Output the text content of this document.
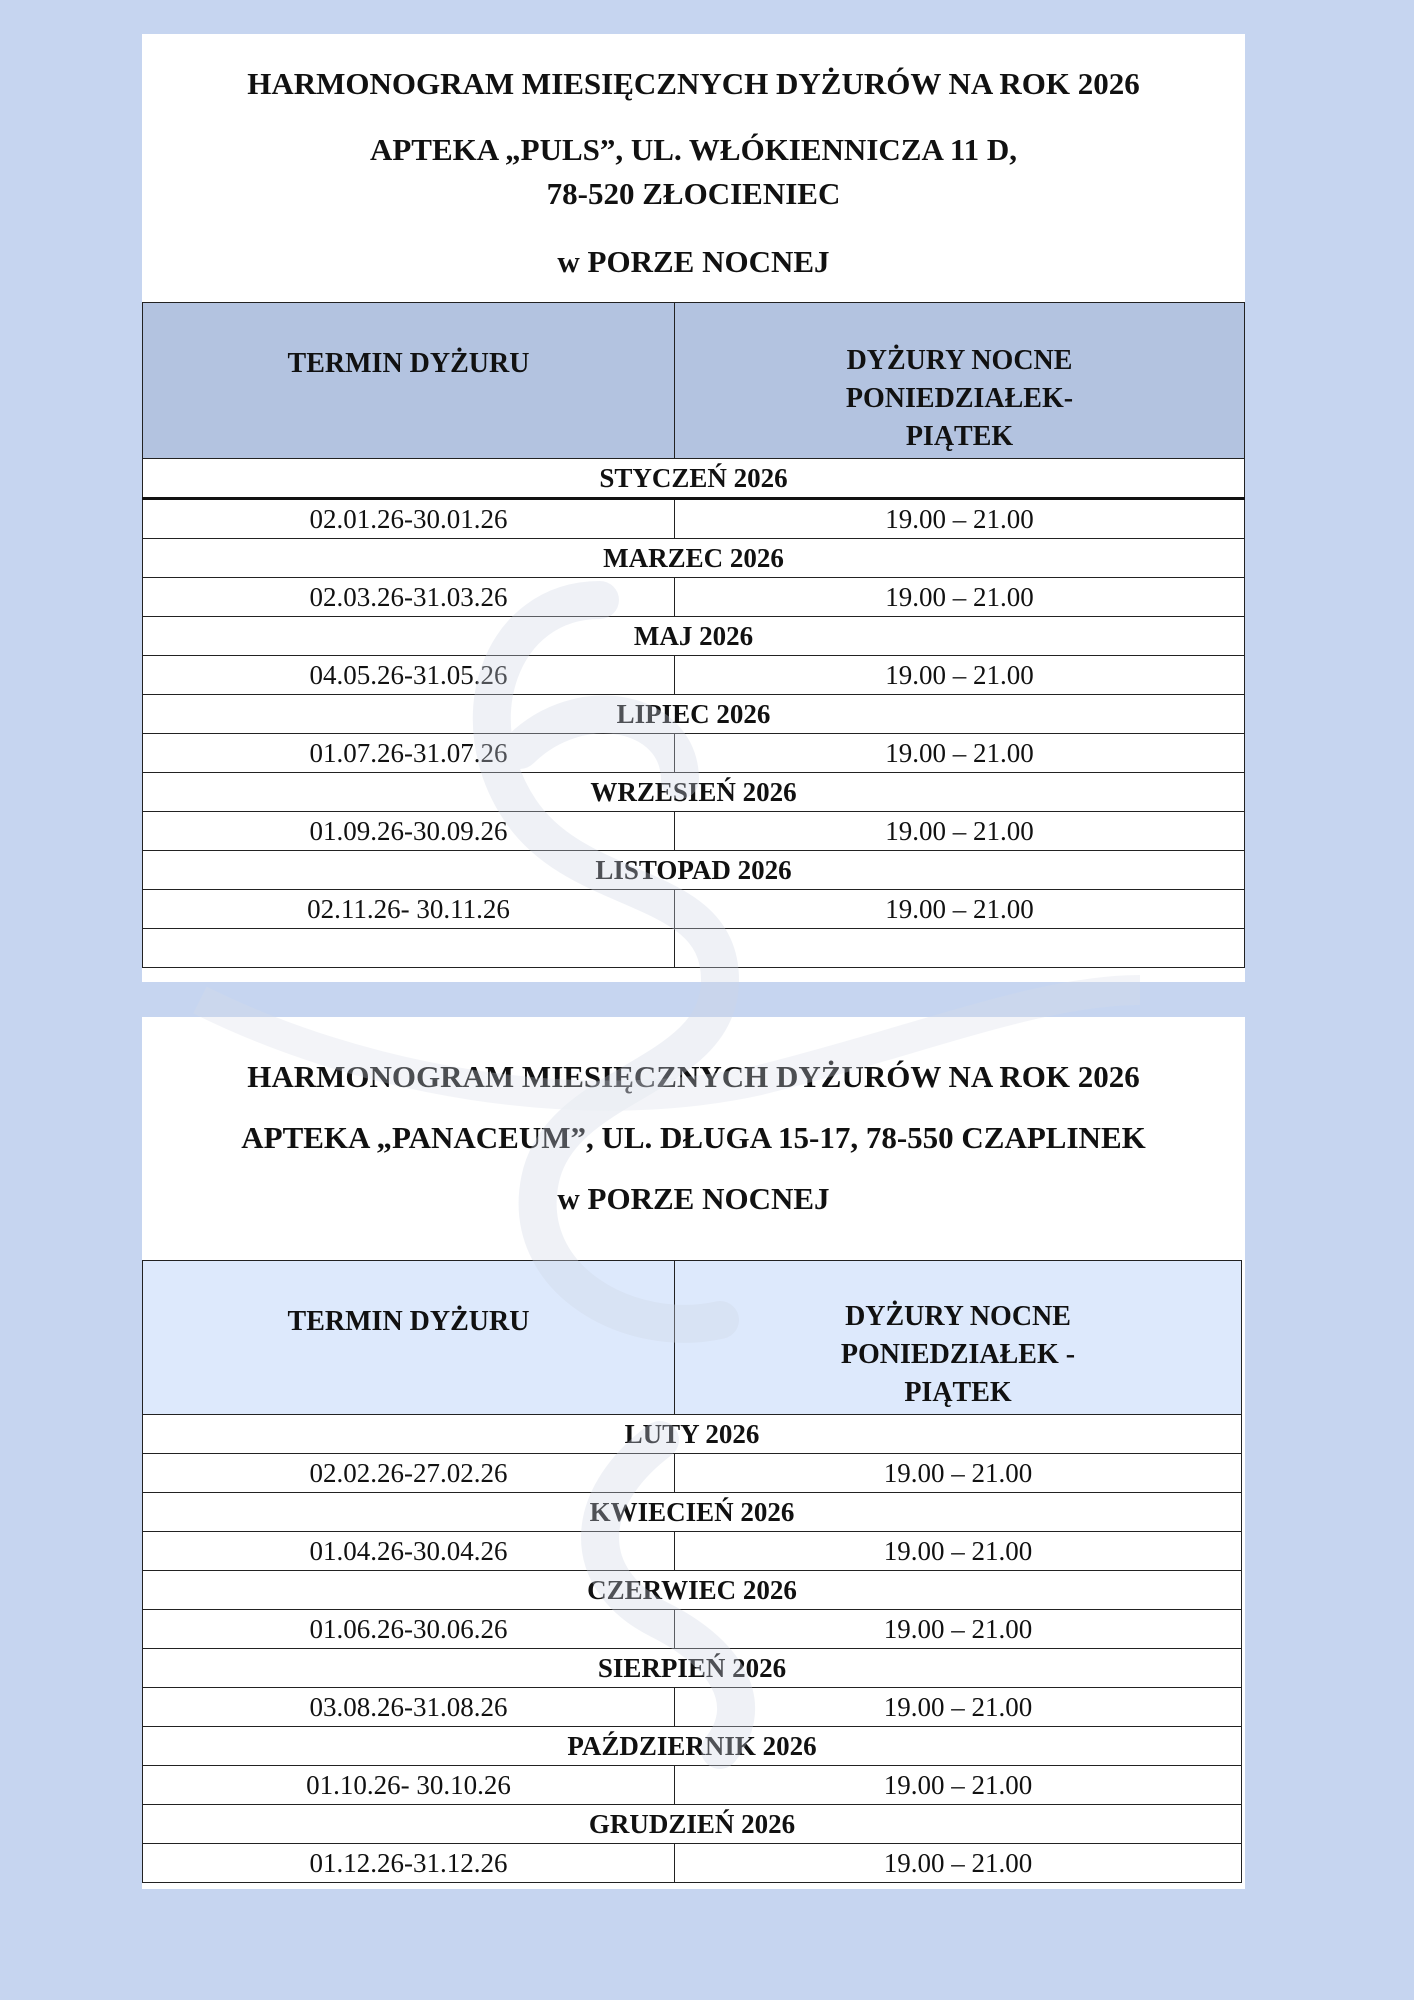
HARMONOGRAM MIESIĘCZNYCH DYŻURÓW NA ROK 2026
APTEKA „PULS”, UL. WŁÓKIENNICZA 11 D,
78-520 ZŁOCIENIEC
w PORZE NOCNEJ
TERMIN DYŻURU	DYŻURY NOCNE
PONIEDZIAŁEK-
PIĄTEK

STYCZEŃ 2026	
02.01.26-30.01.26	19.00 – 21.00
MARZEC 2026	
02.03.26-31.03.26	19.00 – 21.00
MAJ 2026	
04.05.26-31.05.26	19.00 – 21.00
LIPIEC 2026	
01.07.26-31.07.26	19.00 – 21.00
WRZESIEŃ 2026	
01.09.26-30.09.26	19.00 – 21.00
LISTOPAD 2026	
02.11.26- 30.11.26	19.00 – 21.00

HARMONOGRAM MIESIĘCZNYCH DYŻURÓW NA ROK 2026
APTEKA „PANACEUM”, UL. DŁUGA 15-17, 78-550 CZAPLINEK
w PORZE NOCNEJ
TERMIN DYŻURU	DYŻURY NOCNE
PONIEDZIAŁEK -
PIĄTEK

LUTY 2026	
02.02.26-27.02.26	19.00 – 21.00
KWIECIEŃ 2026	
01.04.26-30.04.26	19.00 – 21.00
CZERWIEC 2026	
01.06.26-30.06.26	19.00 – 21.00
SIERPIEŃ 2026	
03.08.26-31.08.26	19.00 – 21.00
PAŹDZIERNIK 2026	
01.10.26- 30.10.26	19.00 – 21.00
GRUDZIEŃ 2026	
01.12.26-31.12.26	19.00 – 21.00
